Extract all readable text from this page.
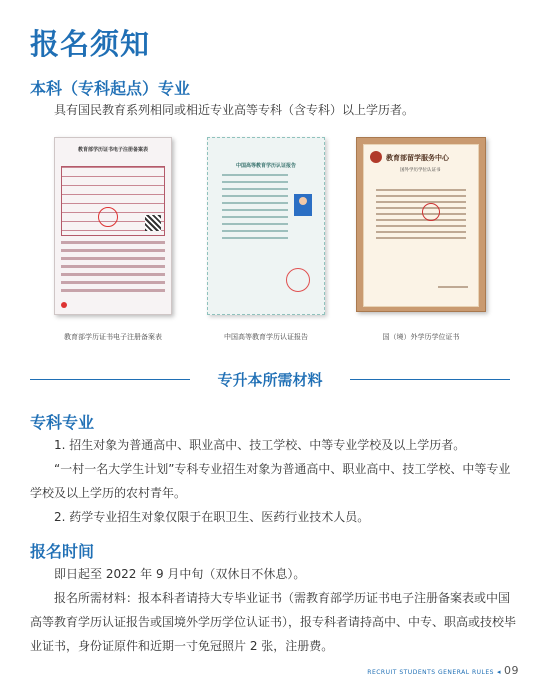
报名须知
本科（专科起点）专业
具有国民教育系列相同或相近专业高等专科（含专科）以上学历者。
教育部学历证书电子注册备案表

教育部学历证书电子注册备案表
中国高等教育学历认证报告
中国高等教育学历认证报告
教育部留学服务中心
国外学历学位认证书
国（境）外学历学位证书
专升本所需材料
专科专业
1. 招生对象为普通高中、职业高中、技工学校、中等专业学校及以上学历者。
“一村一名大学生计划”专科专业招生对象为普通高中、职业高中、技工学校、中等专业学校及以上学历的农村青年。
2. 药学专业招生对象仅限于在职卫生、医药行业技术人员。
报名时间
即日起至 2022 年 9 月中旬（双休日不休息）。
报名所需材料：报本科者请持大专毕业证书（需教育部学历证书电子注册备案表或中国高等教育学历认证报告或国境外学历学位认证书），报专科者请持高中、中专、职高或技校毕业证书，身份证原件和近期一寸免冠照片 2 张，注册费。
RECRUIT STUDENTS GENERAL RULES ◂ 09
